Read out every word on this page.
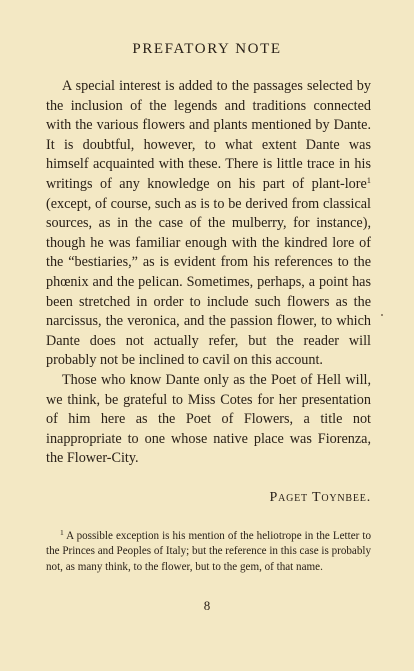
PREFATORY NOTE

A special interest is added to the passages selected by the inclusion of the legends and traditions connected with the various flowers and plants mentioned by Dante. It is doubtful, however, to what extent Dante was himself acquainted with these. There is little trace in his writings of any knowledge on his part of plant-lore$^1$ (except, of course, such as is to be derived from classical sources, as in the case of the mulberry, for instance), though he was familiar enough with the kindred lore of the “bestiaries,” as is evident from his references to the phœnix and the pelican. Sometimes, perhaps, a point has been stretched in order to include such flowers as the narcissus, the veronica, and the passion flower, to which Dante does not actually refer, but the reader will probably not be inclined to cavil on this account.

Those who know Dante only as the Poet of Hell will, we think, be grateful to Miss Cotes for her presentation of him here as the Poet of Flowers, a title not inappropriate to one whose native place was Fiorenza, the Flower-City.

Paget Toynbee.

$^1$ A possible exception is his mention of the heliotrope in the Letter to the Princes and Peoples of Italy; but the reference in this case is probably not, as many think, to the flower, but to the gem, of that name.

8
